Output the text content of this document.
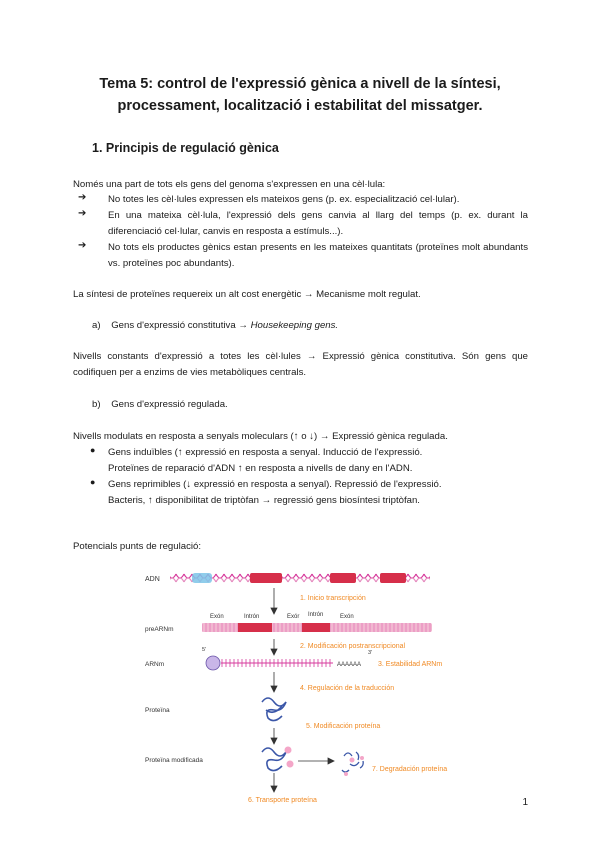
Tema 5: control de l'expressió gènica a nivell de la síntesi,
processament, localització i estabilitat del missatger.
1. Principis de regulació gènica
Només una part de tots els gens del genoma s'expressen en una cèl·lula:
➔ No totes les cèl·lules expressen els mateixos gens (p. ex. especialització cel·lular).
➔ En una mateixa cèl·lula, l'expressió dels gens canvia al llarg del temps (p. ex. durant la diferenciació cel·lular, canvis en resposta a estímuls...).
➔ No tots els productes gènics estan presents en les mateixes quantitats (proteïnes molt abundants vs. proteïnes poc abundants).
La síntesi de proteïnes requereix un alt cost energètic → Mecanisme molt regulat.
a) Gens d'expressió constitutiva → Housekeeping gens.
Nivells constants d'expressió a totes les cèl·lules → Expressió gènica constitutiva. Són gens que codifiquen per a enzims de vies metabòliques centrals.
b) Gens d'expressió regulada.
Nivells modulats en resposta a senyals moleculars (↑ o ↓) → Expressió gènica regulada.
● Gens induïbles (↑ expressió en resposta a senyal. Inducció de l'expressió.
Proteïnes de reparació d'ADN ↑ en resposta a nivells de dany en l'ADN.
● Gens reprimibles (↓ expressió en resposta a senyal). Repressió de l'expressió.
Bacteris, ↑ disponibilitat de triptòfan → regressió gens biosíntesi triptòfan.
Potencials punts de regulació:
ADN
preARNm
ARNm
Proteïna
Proteïna modificada
Exón	Intrón	Exór Intrón	Exón
5'	3'
AAAAAA
1. Inicio transcripción
2. Modificación postranscripcional
3. Estabilidad ARNm
4. Regulación de la traducción
5. Modificación proteína
6. Transporte proteína
7. Degradación proteína
1
